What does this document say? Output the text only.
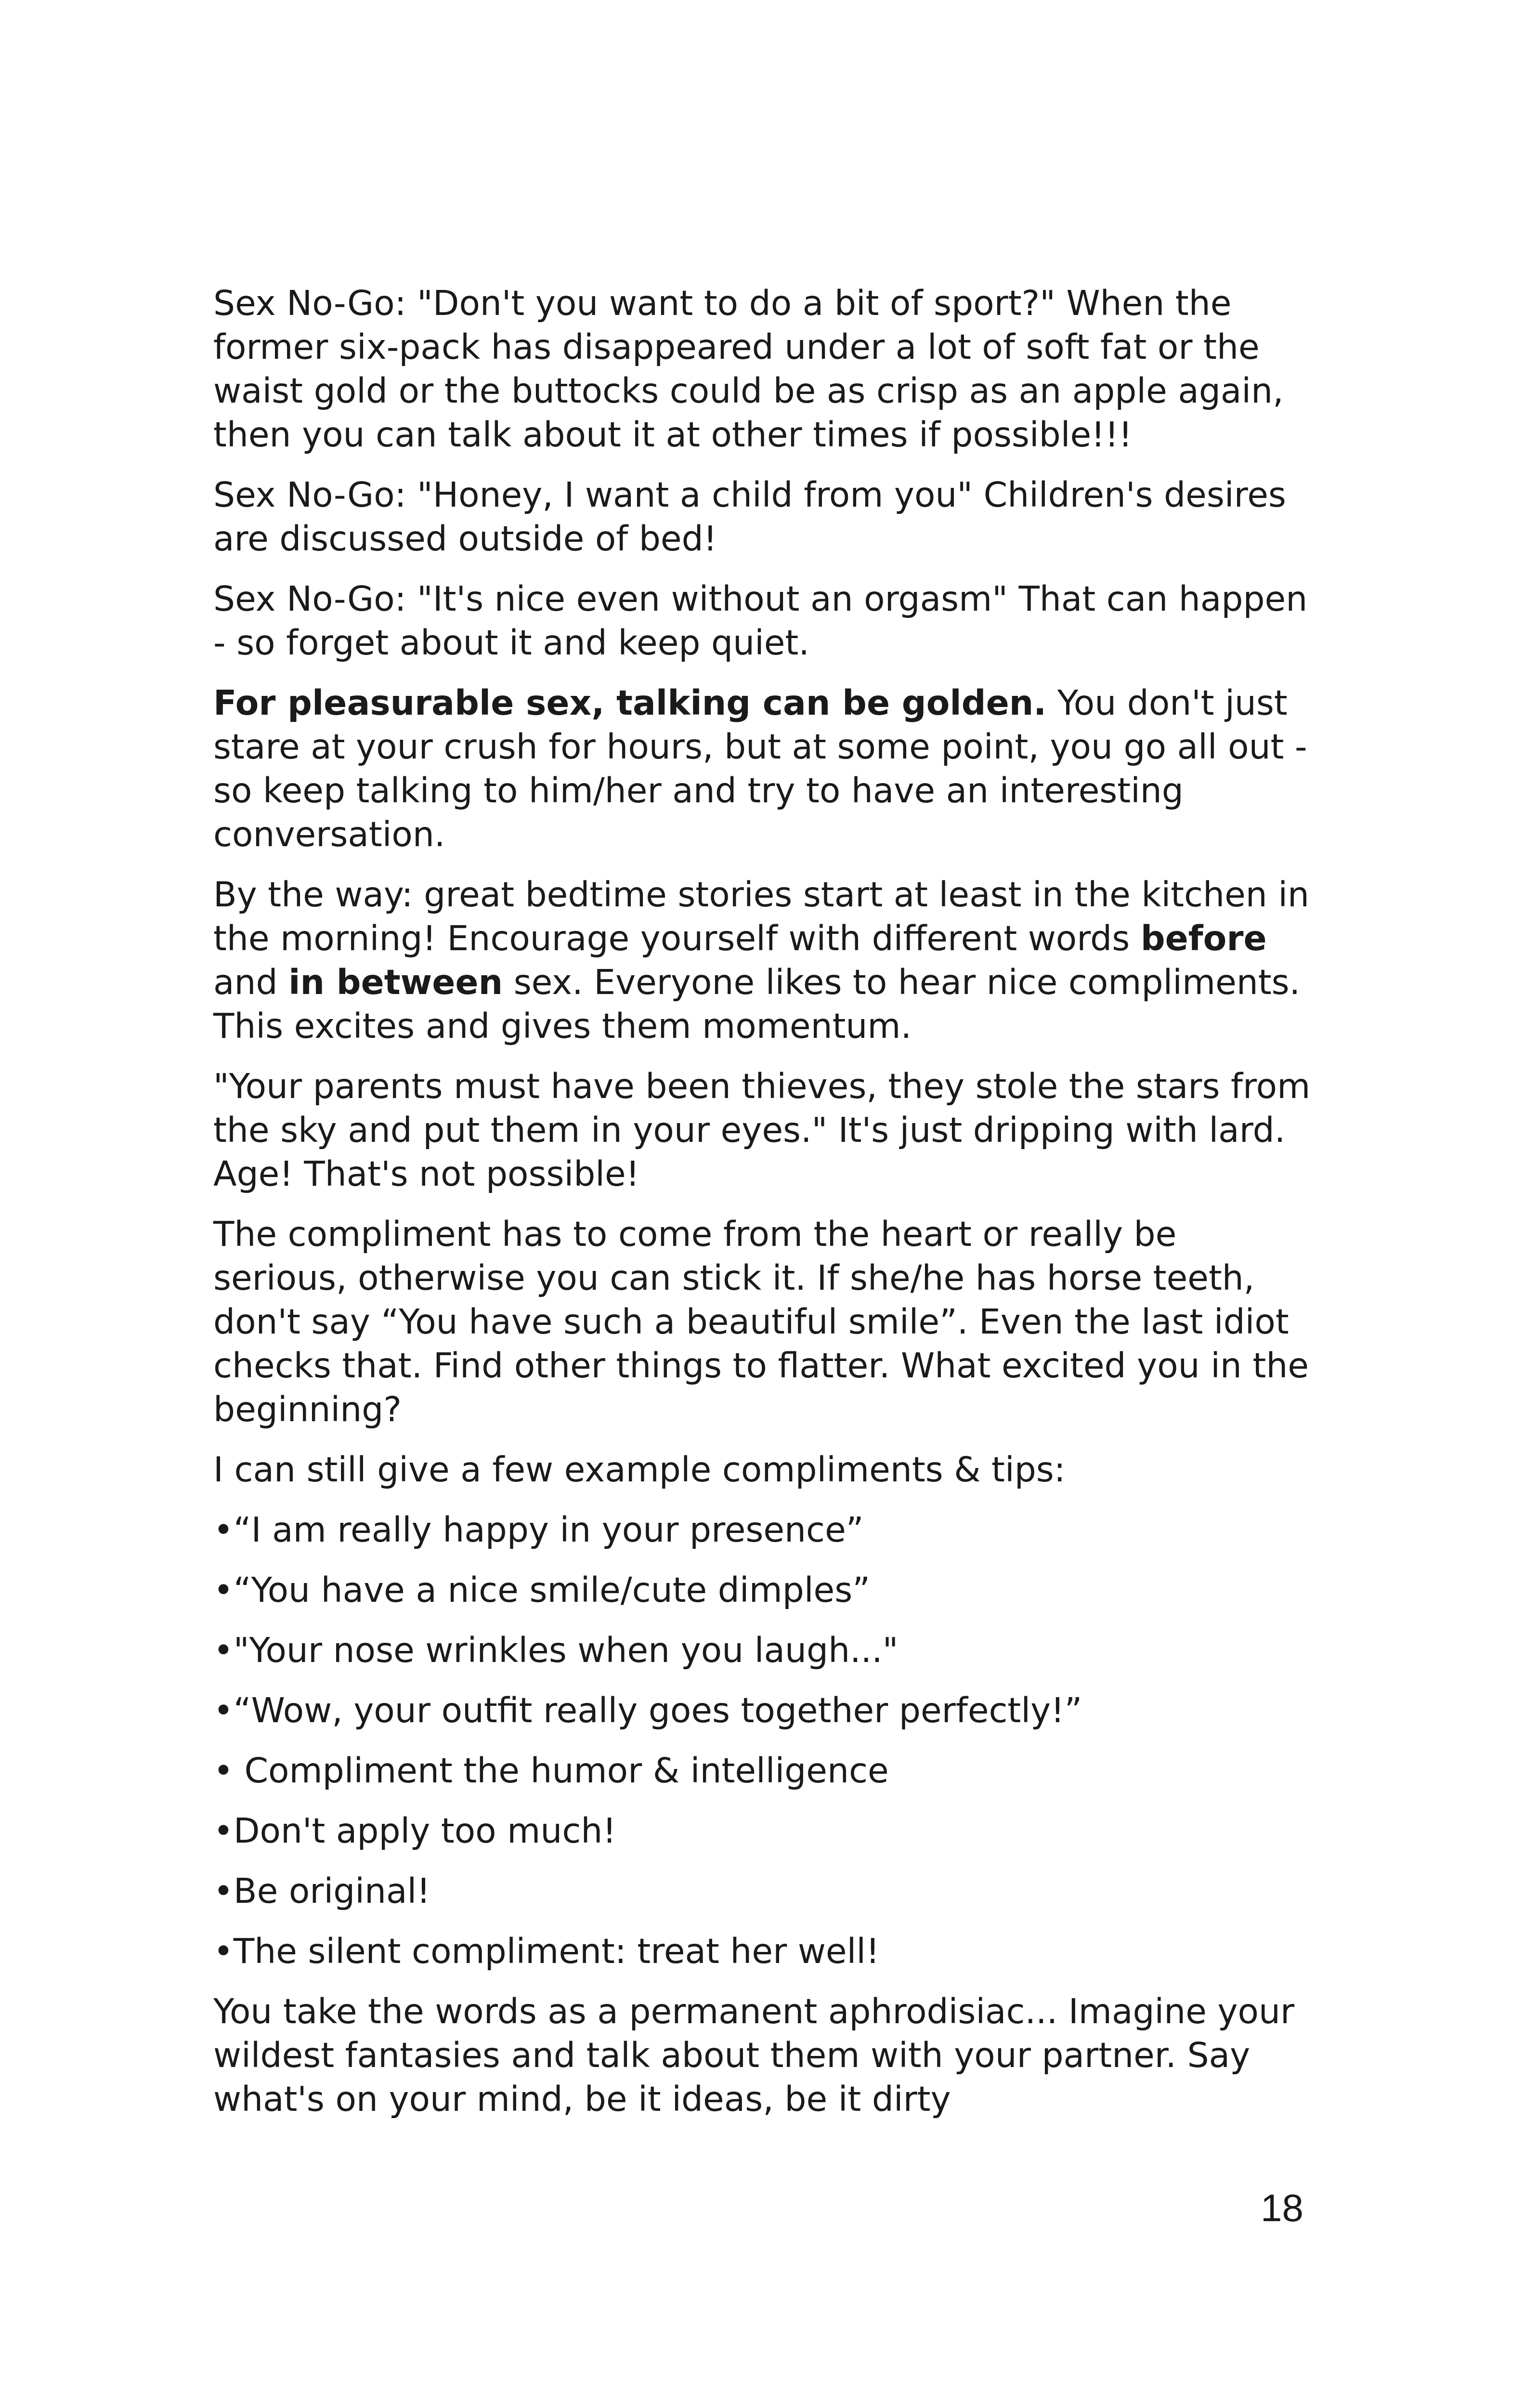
Sex No-Go: "Don't you want to do a bit of sport?" When the former six-pack has disappeared under a lot of soft fat or the waist gold or the buttocks could be as crisp as an apple again, then you can talk about it at other times if possible!!!

Sex No-Go: "Honey, I want a child from you" Children's desires are discussed outside of bed!

Sex No-Go: "It's nice even without an orgasm" That can happen - so forget about it and keep quiet.

For pleasurable sex, talking can be golden. You don't just stare at your crush for hours, but at some point, you go all out - so keep talking to him/her and try to have an interesting conversation.

By the way: great bedtime stories start at least in the kitchen in the morning! Encourage yourself with different words before and in between sex. Everyone likes to hear nice compliments. This excites and gives them momentum.

"Your parents must have been thieves, they stole the stars from the sky and put them in your eyes." It's just dripping with lard. Age! That's not possible!

The compliment has to come from the heart or really be serious, otherwise you can stick it. If she/he has horse teeth, don't say “You have such a beautiful smile”. Even the last idiot checks that. Find other things to flatter. What excited you in the beginning?

I can still give a few example compliments & tips:

•“I am really happy in your presence”

•“You have a nice smile/cute dimples”

•"Your nose wrinkles when you laugh..."

•“Wow, your outfit really goes together perfectly!”

• Compliment the humor & intelligence

•Don't apply too much!

•Be original!

•The silent compliment: treat her well!

You take the words as a permanent aphrodisiac... Imagine your wildest fantasies and talk about them with your partner. Say what's on your mind, be it ideas, be it dirty

18
